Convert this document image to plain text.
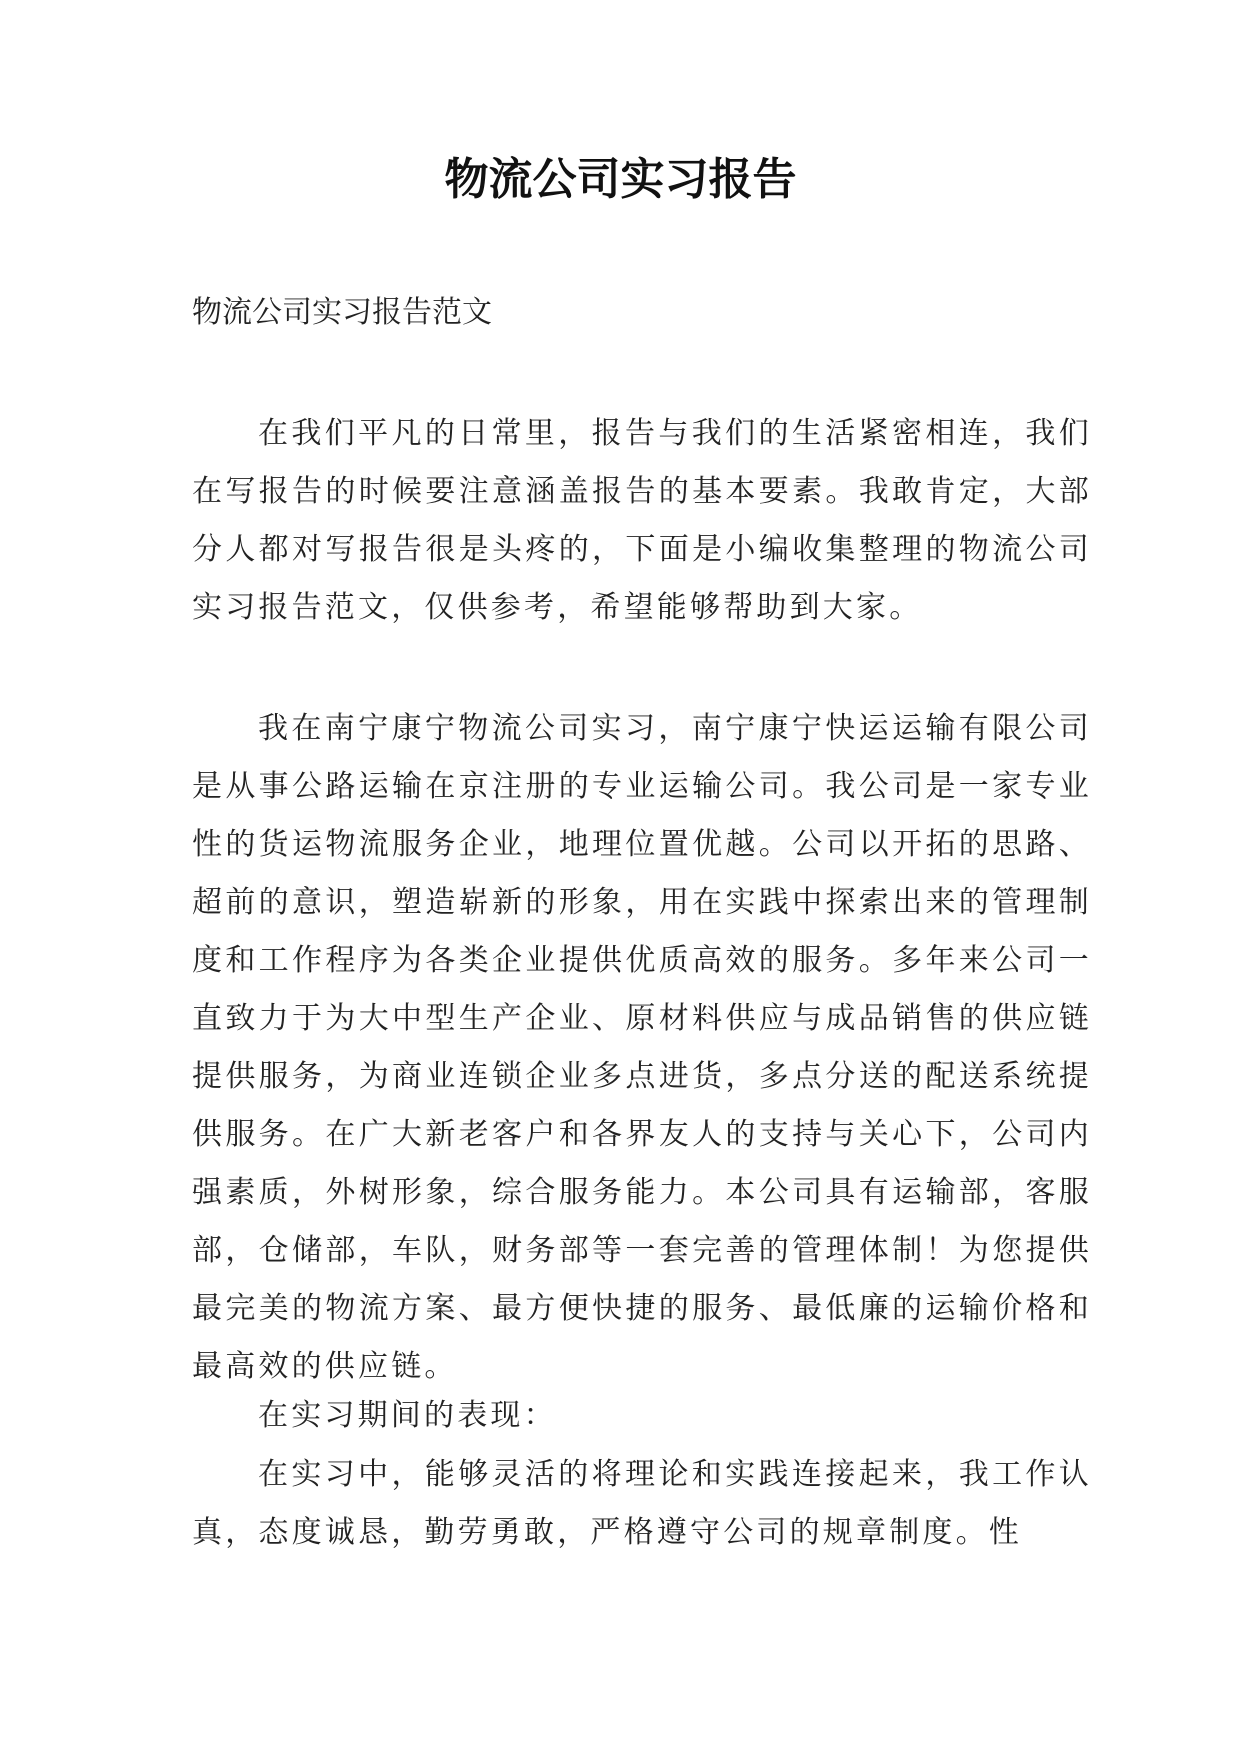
物流公司实习报告

物流公司实习报告范文

在我们平凡的日常里，报告与我们的生活紧密相连，我们在写报告的时候要注意涵盖报告的基本要素。我敢肯定，大部分人都对写报告很是头疼的，下面是小编收集整理的物流公司实习报告范文，仅供参考，希望能够帮助到大家。

我在南宁康宁物流公司实习，南宁康宁快运运输有限公司是从事公路运输在京注册的专业运输公司。我公司是一家专业性的货运物流服务企业，地理位置优越。公司以开拓的思路、超前的意识，塑造崭新的形象，用在实践中探索出来的管理制度和工作程序为各类企业提供优质高效的服务。多年来公司一直致力于为大中型生产企业、原材料供应与成品销售的供应链提供服务，为商业连锁企业多点进货，多点分送的配送系统提供服务。在广大新老客户和各界友人的支持与关心下，公司内强素质，外树形象，综合服务能力。本公司具有运输部，客服部，仓储部，车队，财务部等一套完善的管理体制！为您提供最完美的物流方案、最方便快捷的服务、最低廉的运输价格和最高效的供应链。

在实习期间的表现：

在实习中，能够灵活的将理论和实践连接起来，我工作认真，态度诚恳，勤劳勇敢，严格遵守公司的规章制度。性
